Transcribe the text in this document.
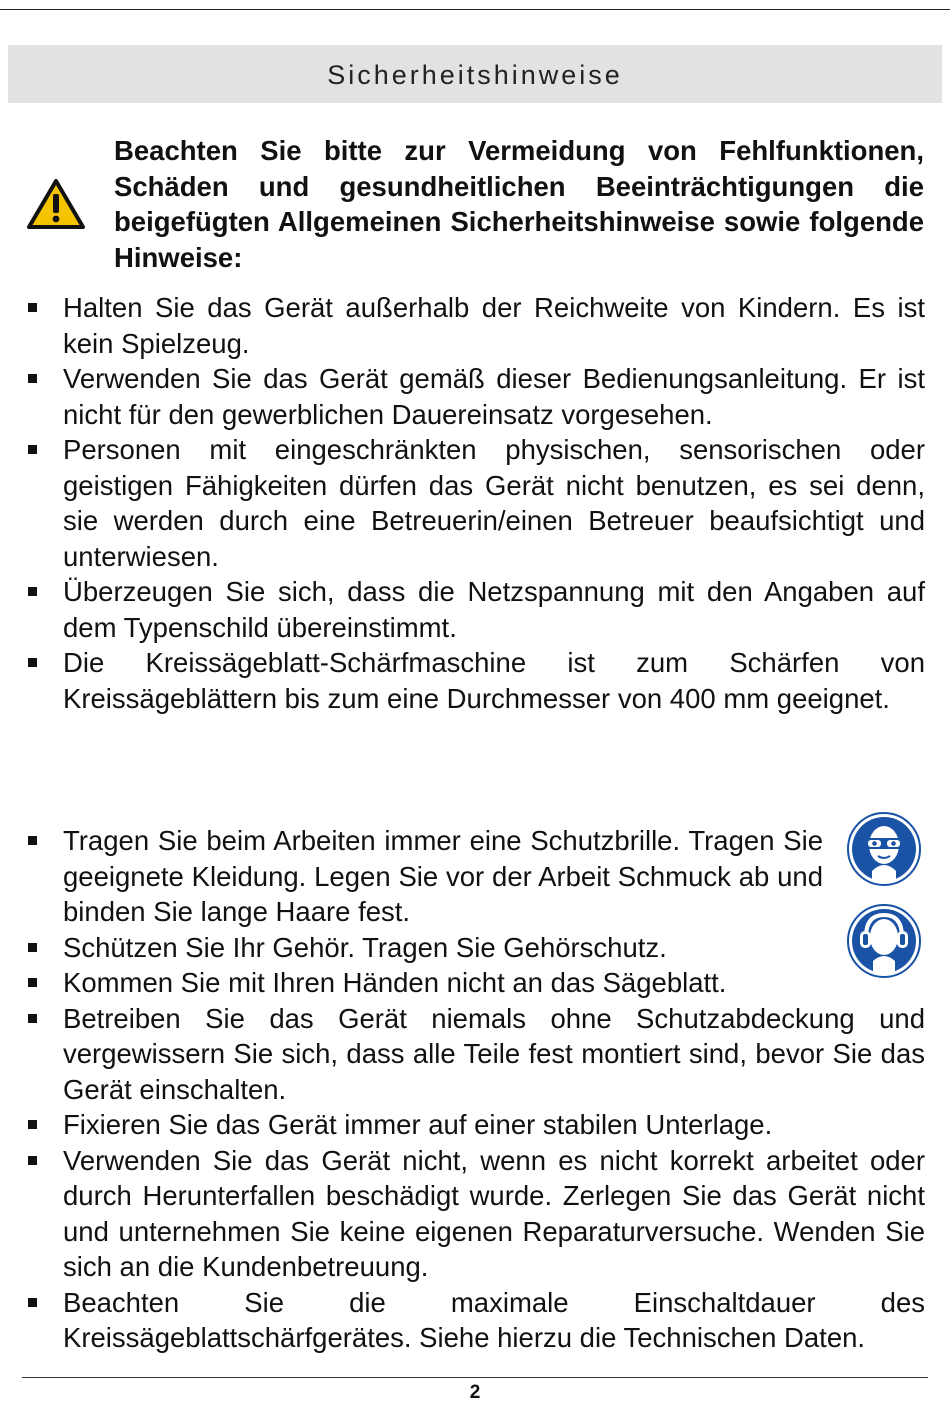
Sicherheitshinweise
Beachten Sie bitte zur Vermeidung von Fehlfunktionen, Schäden und gesundheitlichen Beeinträchtigungen die beigefügten Allgemeinen Sicherheitshinweise sowie folgende Hinweise:
Halten Sie das Gerät außerhalb der Reichweite von Kindern. Es ist kein Spielzeug.
Verwenden Sie das Gerät gemäß dieser Bedienungsanleitung. Er ist nicht für den gewerblichen Dauereinsatz vorgesehen.
Personen mit eingeschränkten physischen, sensorischen oder geistigen Fähigkeiten dürfen das Gerät nicht benutzen, es sei denn, sie werden durch eine Betreuerin/einen Betreuer beaufsichtigt und unterwiesen.
Überzeugen Sie sich, dass die Netzspannung mit den Angaben auf dem Typenschild übereinstimmt.
Die Kreissägeblatt-Schärfmaschine ist zum Schärfen von Kreissägeblättern bis zum eine Durchmesser von 400 mm geeignet.
Tragen Sie beim Arbeiten immer eine Schutzbrille. Tragen Sie geeignete Kleidung. Legen Sie vor der Arbeit Schmuck ab und binden Sie lange Haare fest.
Schützen Sie Ihr Gehör. Tragen Sie Gehörschutz.
Kommen Sie mit Ihren Händen nicht an das Sägeblatt.
Betreiben Sie das Gerät niemals ohne Schutzabdeckung und vergewissern Sie sich, dass alle Teile fest montiert sind, bevor Sie das Gerät einschalten.
Fixieren Sie das Gerät immer auf einer stabilen Unterlage.
Verwenden Sie das Gerät nicht, wenn es nicht korrekt arbeitet oder durch Herunterfallen beschädigt wurde. Zerlegen Sie das Gerät nicht und unternehmen Sie keine eigenen Reparaturversuche. Wenden Sie sich an die Kundenbetreuung.
Beachten Sie die maximale Einschaltdauer des Kreissägeblattschärfgerätes. Siehe hierzu die Technischen Daten.
2
